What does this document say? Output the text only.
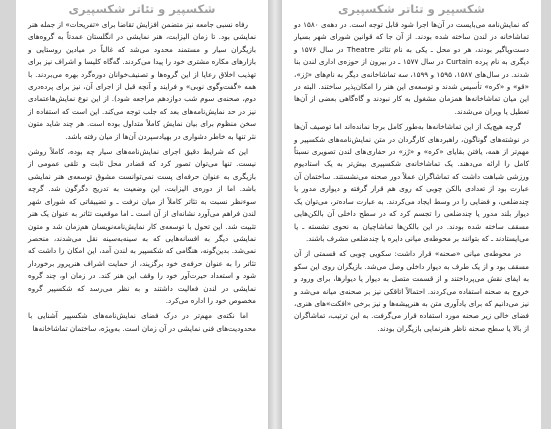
شکسپیر و تئاتر شکسپیری

رفاه نسبی جامعه نیز متضمن افزایش تقاضا برای «تفریحات» از جمله هنر نمایشی بود. تا زمان الیزابت، هنر نمایشی در انگلستان عمدتاً به گروه‌های بازیگران سیار و مستمند محدود می‌شد که غالباً در میادین روستایی و بازارهای مکاره مشتری خود را پیدا می‌کردند. گه‌گاه کلیسا و اشراف نیز برای تهذیب اخلاق رعایا از این گروه‌ها و تصنیف‌خوانان دوره‌گرد بهره می‌بردند. با همه «گفت‌وگوی نوبی» و فرایند و آنچه قبل از اجرای آن، نیز برای پرده‌دری دوم، صحنه‌ی سوم شب دوازدهم مراجعه شود). از این نوع نمایش‌هاعتمادی نیز در حد نمایش‌نامه‌های بعد که جلب توجه می‌کند. این است که استفاده از سخن منظوم برای بیان نمایش کاملاً متداول بوده است. هر چند شاید متون نثر تنها به خاطر دشواری در بهیادسپردن آن‌ها از میان رفته باشد.

این که شرایط دقیق اجرای نمایش‌نامه‌های سیار چه بوده، کاملاً روشن نیست. تنها می‌توان تصور کرد که قضادر محل ثابت و تلقی عمومی از بازیگری به عنوان حرفه‌ای پست نمی‌توانست مشوق توسعه‌ی هنر نمایشی باشد. اما از دوره‌ی الیزابت، این وضعیت به تدریج دگرگون شد. گرچه سوء‌نظر نسبت به تئاتر کاملاً از میان نرفت ـ و تضییقاتی که شورای شهر لندن فراهم می‌آورد نشانه‌ای از آن است ـ اما موقعیت تئاتر به عنوان یک هنر تثبیت شد. این تحول با توسعه‌ی کار نمایش‌نامه‌نویسان هم‌زمان شد و متون نمایشی دیگر به افسانه‌هایی که به سینه‌به‌سینه نقل می‌شدند، منحصر نمی‌شد. بدین‌گونه، هنگامی که شکسپیر به لندن آمد، این امکان را داشت که تئاتر را به عنوان حرفه‌ی خود برگزیند، از حمایت اشراف هنرپرور برخوردار شود و استعداد حیرت‌آور خود را وقف این هنر کند. در زمان او، چند گروه نمایشی در لندن فعالیت داشتند و به نظر می‌رسد که شکسپیر گروه مخصوص خود را اداره می‌کرد.

اما نکته‌ی مهم‌تر در درک فضای نمایش‌نامه‌های شکسپیر آشنایی با محدودیت‌های فنی نمایشی در آن زمان است. به‌ویژه، ساختمان تماشاخانه‌ها

شکسپیر و تئاتر شکسپیری

که نمایش‌نامه می‌بایست در آن‌ها اجرا شود قابل توجه است. در دهه‌ی ۱۵۸۰ دو تماشاخانه در لندن ساخته شده بودند. از آن جا که قوانین شورای شهر بسیار دست‌وپاگیر بودند، هر دو محل ـ یکی به نام تئاتر Theatre در سال ۱۵۷۶ و دیگری به نام پرده Curtain در سال ۱۵۷۷ ـ در بیرون از حوزه‌ی اداری لندن بنا شدند. در سال‌های ۱۵۸۷، ۱۵۹۵ و ۱۵۹۹، سه تماشاخانه‌ی دیگر به نام‌های «رُز»، «قو» و «کره» تأسیس شدند و توسعه‌ی این هنر را امکان‌پذیر ساختند. البته در این میان تماشاخانه‌ها همزمان مشغول به کار نبودند و گاه‌گاهی بعضی از آن‌ها تعطیل یا ویران می‌شدند.

گرچه هیچ‌یک از این تماشاخانه‌ها به‌طور کامل برجا نمانده‌اند اما توصیف آن‌ها در نوشته‌های گوناگون، راهبردهای کارگردان در متن نمایش‌نامه‌های شکسپیر و مهم‌تر از همه، یافتن بقایای «کره» و «رُز» در حفاری‌های لندن تصویری نسبتاً کامل را ارائه می‌دهند. یک تماشاخانه‌ی شکسپیری بیش‌تر به یک استادیوم ورزشی شباهت داشت که تماشاگران عملاً دور صحنه می‌نشستند. ساختمان آن عبارت بود از تعدادی بالکن چوبی که روی هم قرار گرفته و دیواری مدور یا چندضلعی، و فضایی را در وسط ایجاد می‌کردند. به عبارت ساده‌تر، می‌توان یک دیوار بلند مدور یا چندضلعی را تجسم کرد که در سطح داخلی آن بالکن‌هایی مسقف ساخته شده بودند. در این بالکن‌ها تماشاچیان به نحوی نشسته ـ یا می‌ایستادند ـ که بتوانند بر محوطه‌ی میانی دایره یا چندضلعی مشرف باشند.

در محوطه‌ی میانی «صحنه» قرار داشت: سکویی چوبی که قسمتی از آن مسقف بود و از یک طرف به دیوار داخلی وصل می‌شد. بازیگران روی این سکو به ایفای نقش می‌پرداختند و از قسمت متصل به دیوار یا دیوارها، برای ورود و خروج به صحنه استفاده می‌کردند. احتمالاً اتاقکی نیز بر صحنه‌ی میانه می‌شد و نیز می‌دانیم که برای یادآوری متن به هنرپیشه‌ها و نیز برخی «افکت‌»های هنری، فضای خالی زیر صحنه مورد استفاده قرار می‌گرفت. به این ترتیب، تماشاگران از بالا یا سطح صحنه ناظر هنرنمایی بازیگران بودند.
